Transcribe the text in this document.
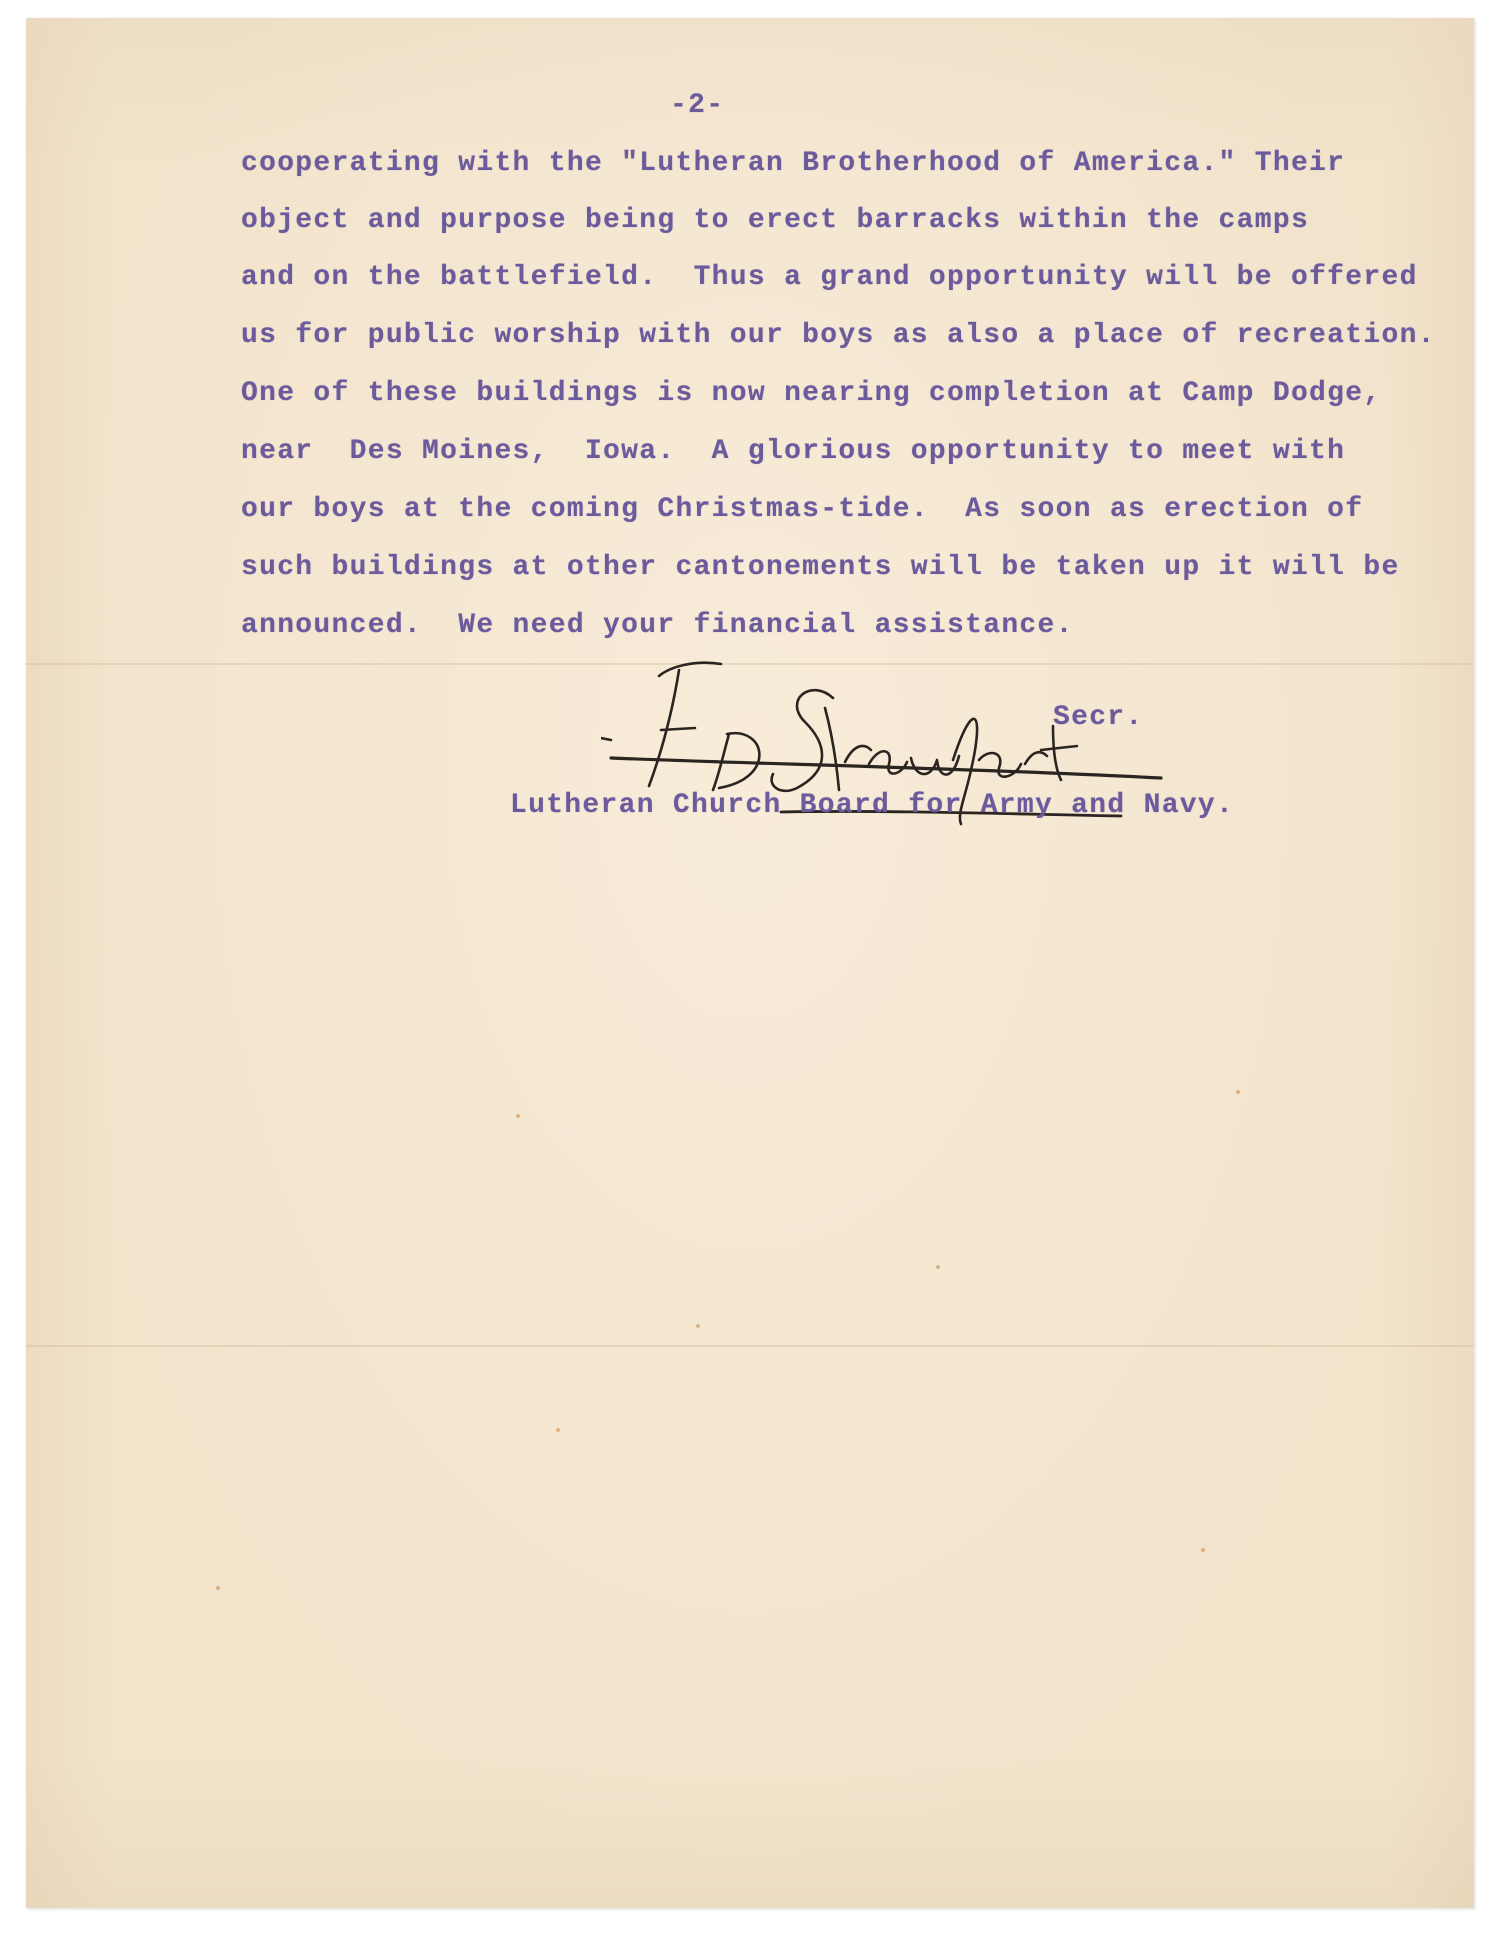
-2-
cooperating with the "Lutheran Brotherhood of America." Their
object and purpose being to erect barracks within the camps
and on the battlefield.  Thus a grand opportunity will be offered
us for public worship with our boys as also a place of recreation.
One of these buildings is now nearing completion at Camp Dodge,
near  Des Moines,  Iowa.  A glorious opportunity to meet with
our boys at the coming Christmas-tide.  As soon as erection of
such buildings at other cantonements will be taken up it will be
announced.  We need your financial assistance.
Secr.
Lutheran Church Board for Army and Navy.
